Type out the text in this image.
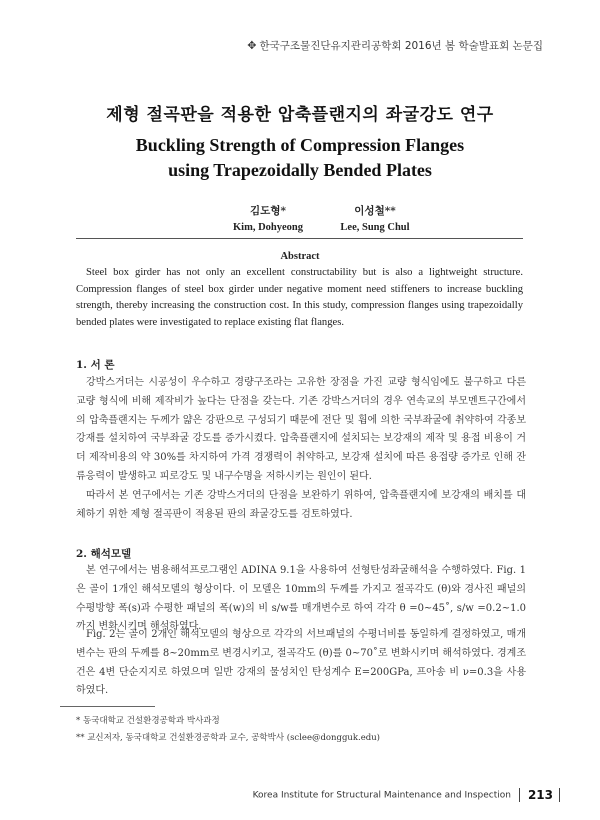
✥ 한국구조물진단유지관리공학회 2016년 봄 학술발표회 논문집
제형 절곡판을 적용한 압축플랜지의 좌굴강도 연구
Buckling Strength of Compression Flanges
using Trapezoidally Bended Plates
김도형*
Kim, Dohyeong
이성철**
Lee, Sung Chul
Abstract
Steel box girder has not only an excellent constructability but is also a lightweight structure. Compression flanges of steel box girder under negative moment need stiffeners to increase buckling strength, thereby increasing the construction cost. In this study, compression flanges using trapezoidally bended plates were investigated to replace existing flat flanges.
1. 서 론
강박스거더는 시공성이 우수하고 경량구조라는 고유한 장점을 가진 교량 형식임에도 불구하고 다른 교량 형식에 비해 제작비가 높다는 단점을 갖는다. 기존 강박스거더의 경우 연속교의 부모멘트구간에서의 압축플랜지는 두께가 얇은 강판으로 구성되기 때문에 전단 및 휨에 의한 국부좌굴에 취약하여 각종보강재를 설치하여 국부좌굴 강도를 증가시켰다. 압축플랜지에 설치되는 보강재의 제작 및 용접 비용이 거더 제작비용의 약 30%를 차지하여 가격 경쟁력이 취약하고, 보강재 설치에 따른 용접량 증가로 인해 잔류응력이 발생하고 피로강도 및 내구수명을 저하시키는 원인이 된다.
따라서 본 연구에서는 기존 강박스거더의 단점을 보완하기 위하여, 압축플랜지에 보강재의 배치를 대체하기 위한 제형 절곡판이 적용된 판의 좌굴강도를 검토하였다.
2. 해석모델
본 연구에서는 범용해석프로그램인 ADINA 9.1을 사용하여 선형탄성좌굴해석을 수행하였다. Fig. 1은 골이 1개인 해석모델의 형상이다. 이 모델은 10mm의 두께를 가지고 절곡각도 (θ)와 경사진 패널의 수평방향 폭(s)과 수평한 패널의 폭(w)의 비 s/w를 매개변수로 하여 각각 θ =0~45˚, s/w =0.2~1.0까지 변화시키며 해석하였다.
Fig. 2는 골이 2개인 해석모델의 형상으로 각각의 서브패널의 수평너비를 동일하게 결정하였고, 매개변수는 판의 두께를 8~20mm로 변경시키고, 절곡각도 (θ)를 0~70˚로 변화시키며 해석하였다. 경계조건은 4변 단순지지로 하였으며 일반 강재의 물성치인 탄성계수 E=200GPa, 프아송 비 ν=0.3을 사용하였다.
* 동국대학교 건설환경공학과 박사과정
** 교신저자, 동국대학교 건설환경공학과 교수, 공학박사 (sclee@dongguk.edu)
Korea Institute for Structural Maintenance and Inspection 213
